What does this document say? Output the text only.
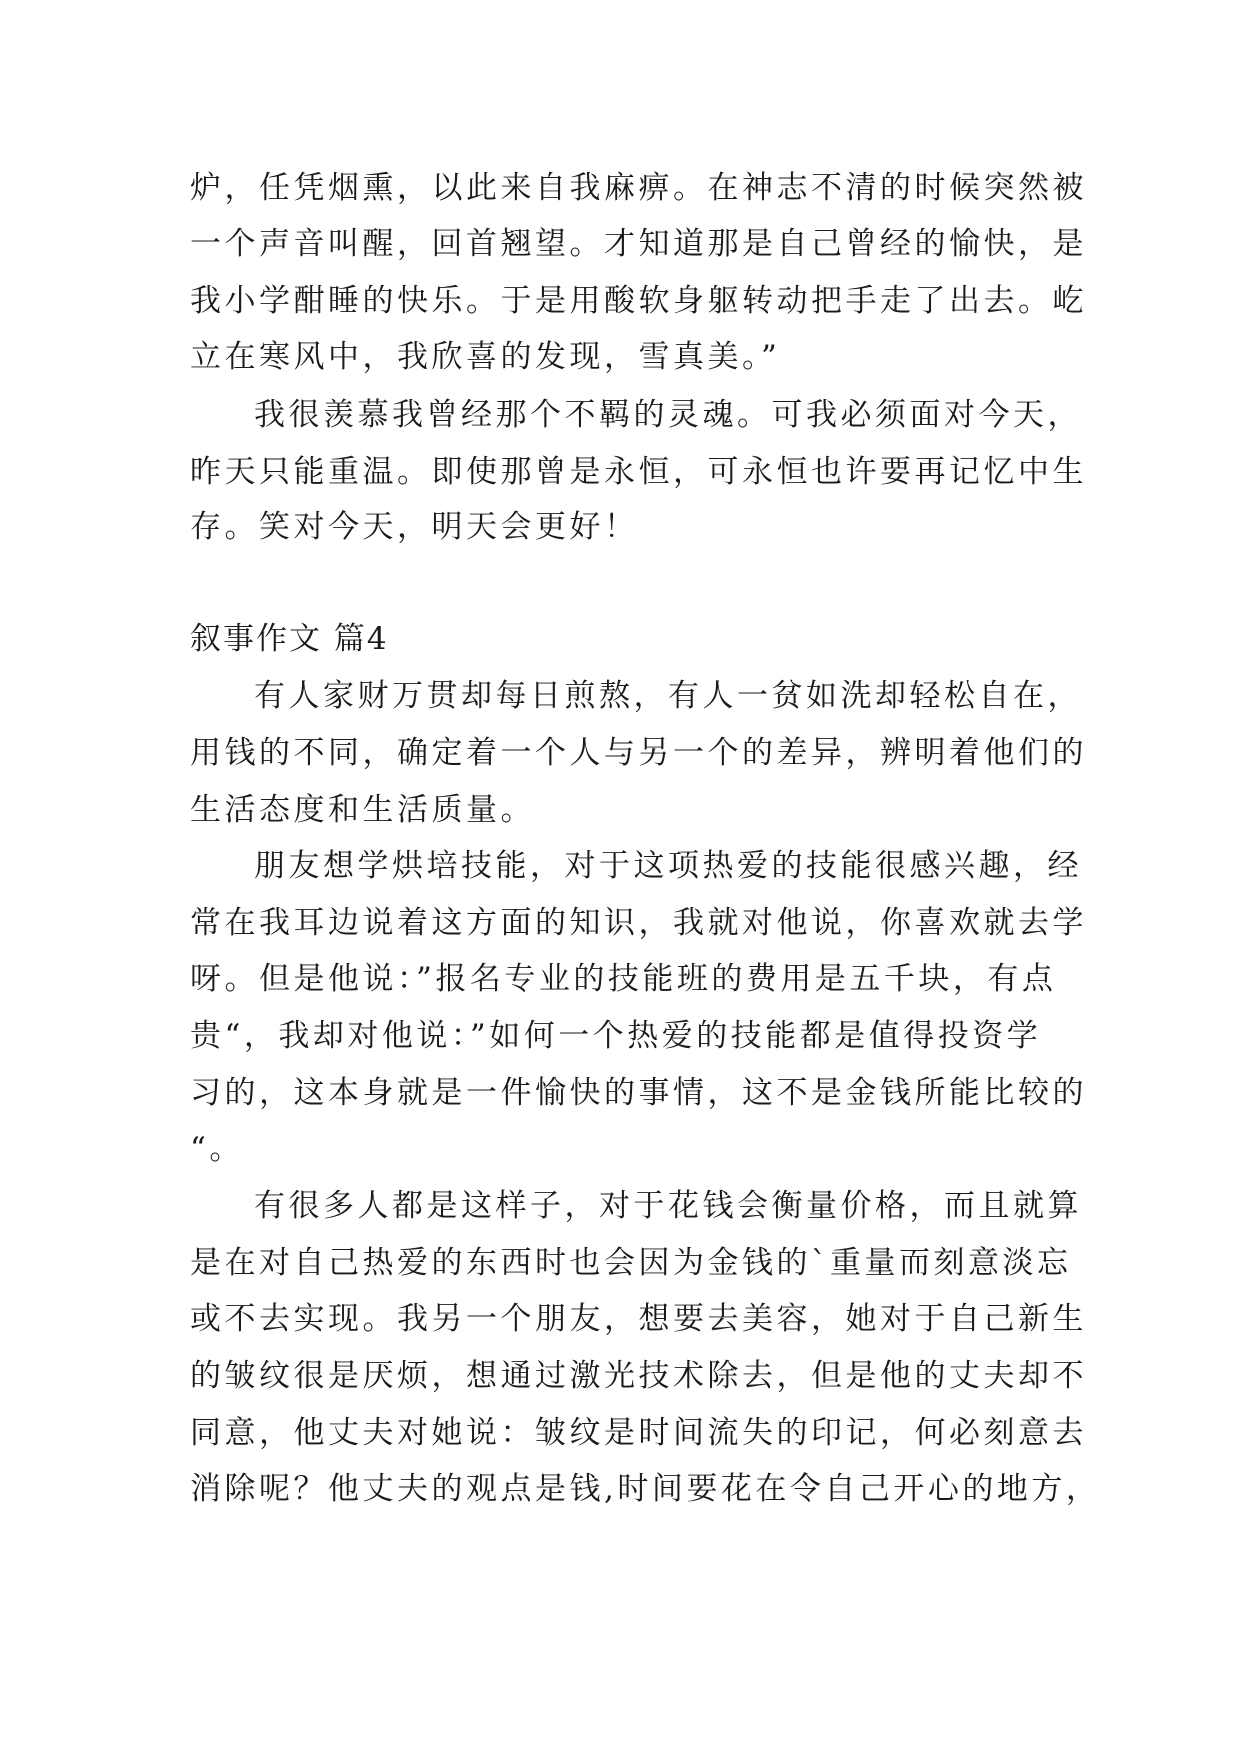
炉，任凭烟熏，以此来自我麻痹。在神志不清的时候突然被
一个声音叫醒，回首翘望。才知道那是自己曾经的愉快，是
我小学酣睡的快乐。于是用酸软身躯转动把手走了出去。屹
立在寒风中，我欣喜的发现，雪真美。”
我很羡慕我曾经那个不羁的灵魂。可我必须面对今天，
昨天只能重温。即使那曾是永恒，可永恒也许要再记忆中生
存。笑对今天，明天会更好！
叙事作文 篇4
有人家财万贯却每日煎熬，有人一贫如洗却轻松自在，
用钱的不同，确定着一个人与另一个的差异，辨明着他们的
生活态度和生活质量。
朋友想学烘培技能，对于这项热爱的技能很感兴趣，经
常在我耳边说着这方面的知识，我就对他说，你喜欢就去学
呀。但是他说：”报名专业的技能班的费用是五千块，有点
贵“，我却对他说：”如何一个热爱的技能都是值得投资学
习的，这本身就是一件愉快的事情，这不是金钱所能比较的
“。
有很多人都是这样子，对于花钱会衡量价格，而且就算
是在对自己热爱的东西时也会因为金钱的`重量而刻意淡忘
或不去实现。我另一个朋友，想要去美容，她对于自己新生
的皱纹很是厌烦，想通过激光技术除去，但是他的丈夫却不
同意，他丈夫对她说：皱纹是时间流失的印记，何必刻意去
消除呢？他丈夫的观点是钱,时间要花在令自己开心的地方，
